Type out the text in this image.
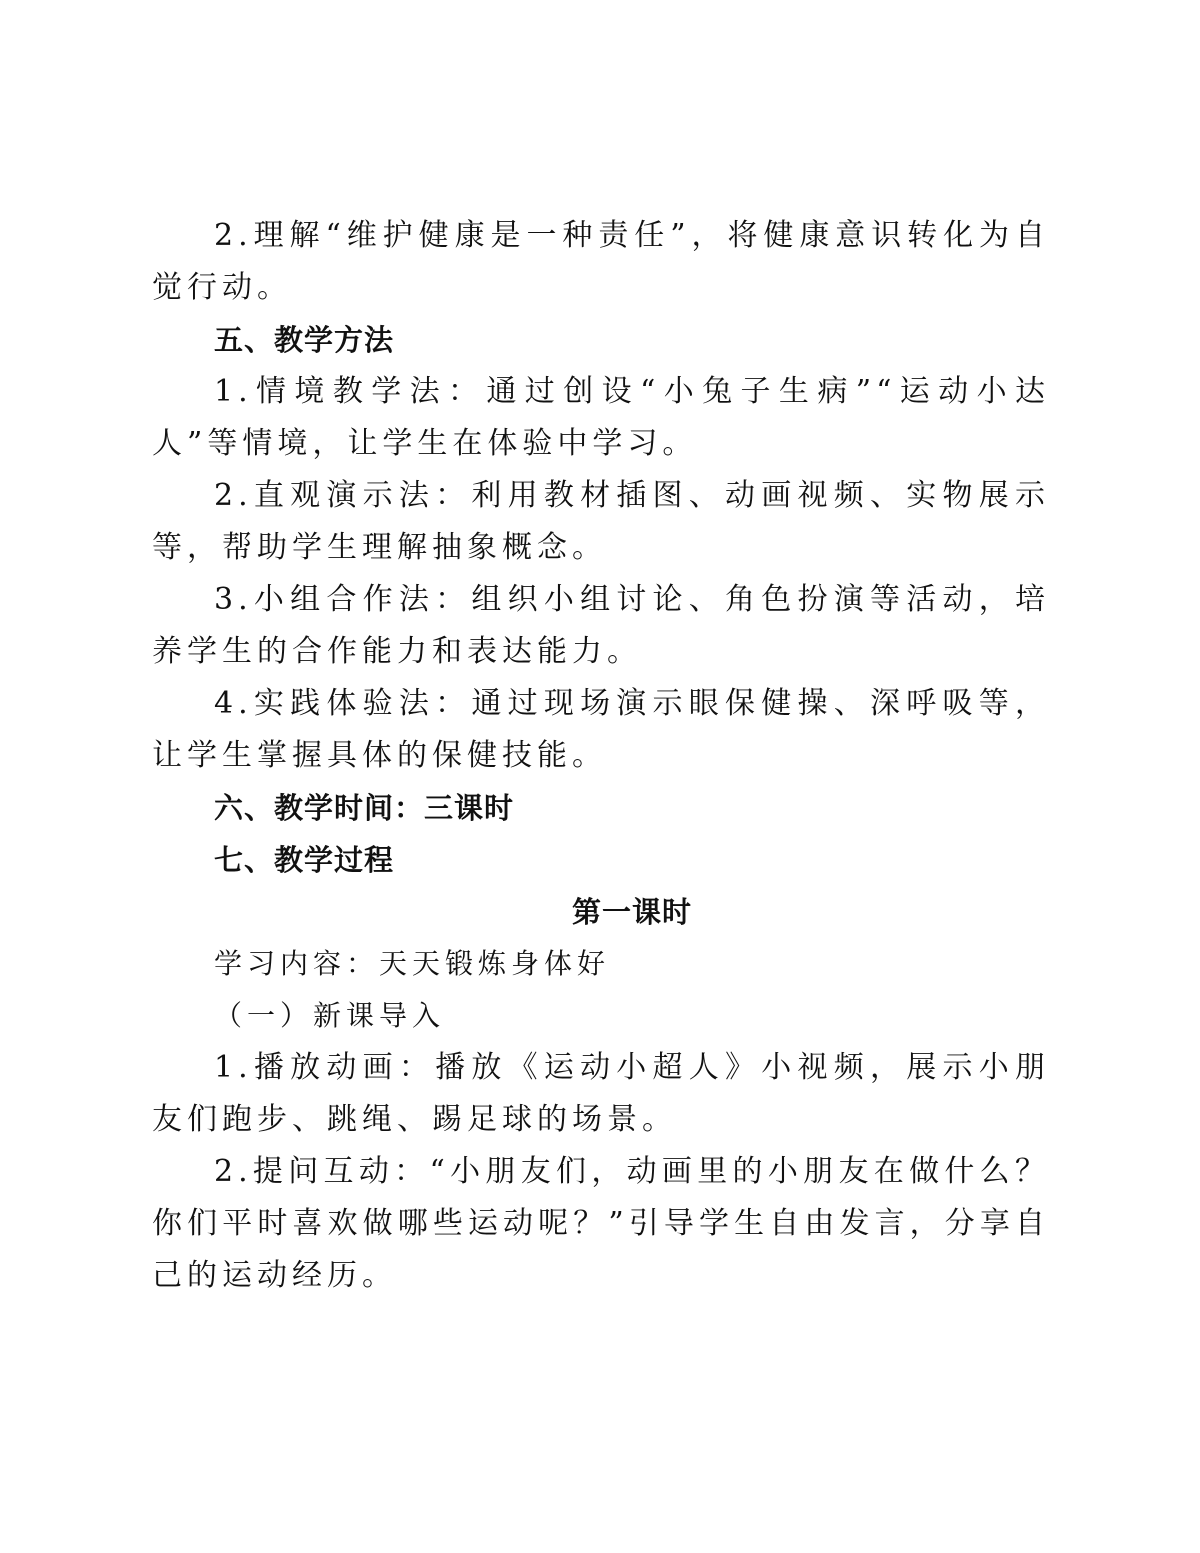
2.理解“维护健康是一种责任”，将健康意识转化为自觉行动。

五、教学方法

1.情境教学法：通过创设“小兔子生病”“运动小达人”等情境，让学生在体验中学习。

2.直观演示法：利用教材插图、动画视频、实物展示等，帮助学生理解抽象概念。

3.小组合作法：组织小组讨论、角色扮演等活动，培养学生的合作能力和表达能力。

4.实践体验法：通过现场演示眼保健操、深呼吸等，让学生掌握具体的保健技能。

六、教学时间：三课时

七、教学过程

第一课时

学习内容：天天锻炼身体好

（一）新课导入

1.播放动画：播放《运动小超人》小视频，展示小朋友们跑步、跳绳、踢足球的场景。

2.提问互动：“小朋友们，动画里的小朋友在做什么？你们平时喜欢做哪些运动呢？”引导学生自由发言，分享自己的运动经历。
